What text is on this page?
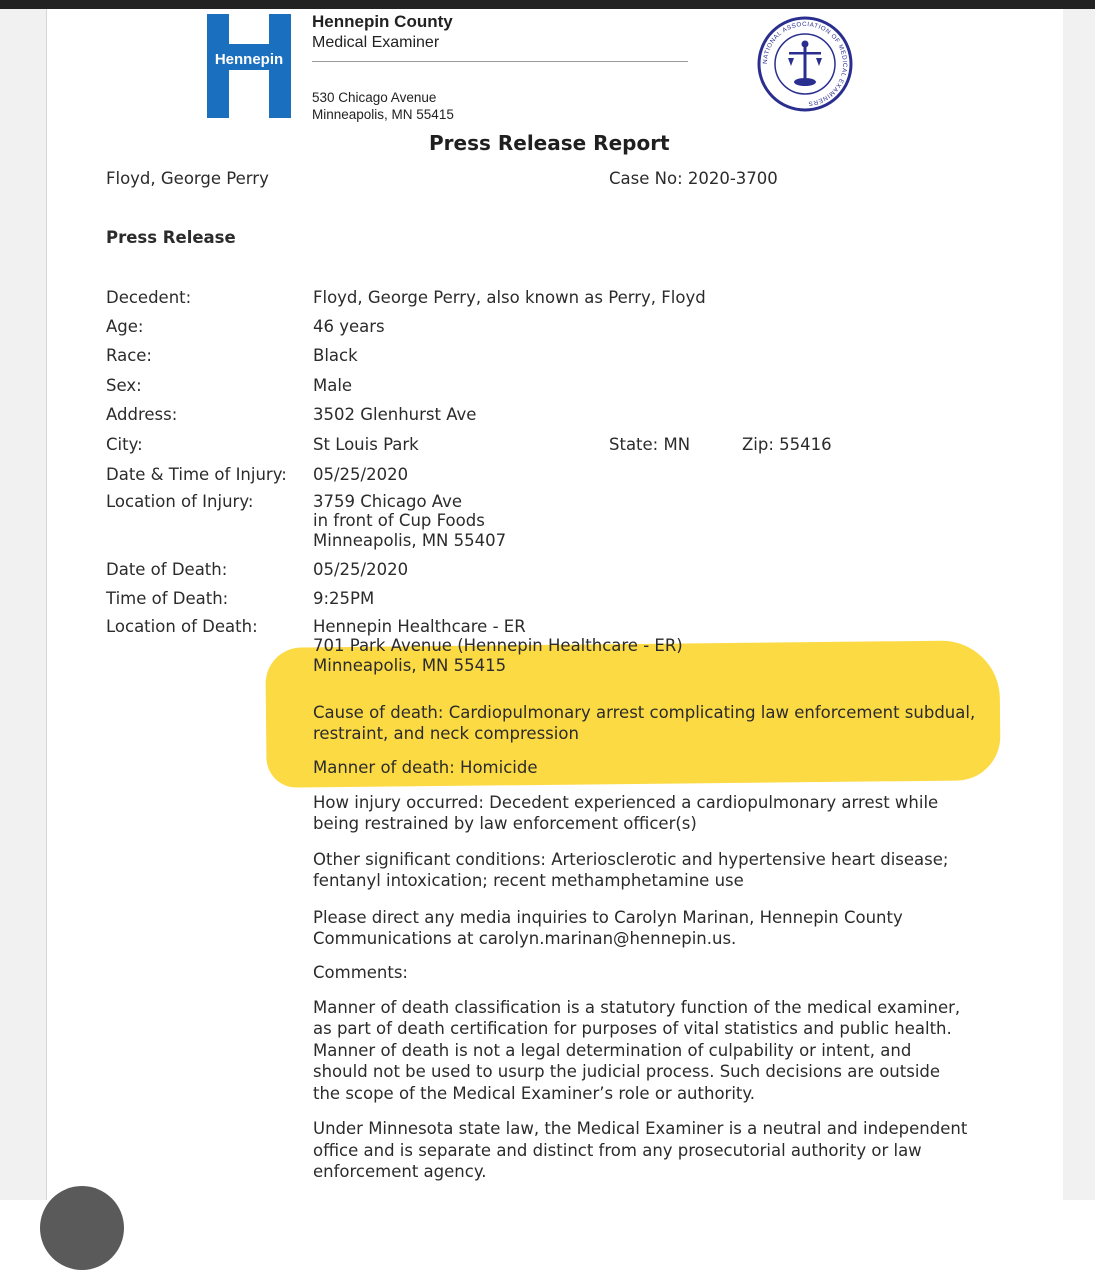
Hennepin
Hennepin County
Medical Examiner
530 Chicago Avenue
Minneapolis, MN 55415
NATIONAL ASSOCIATION OF MEDICAL EXAMINERS
Press Release Report
Floyd, George Perry	Case No: 2020-3700
Press Release
Decedent:	Floyd, George Perry, also known as Perry, Floyd
Age:	46 years
Race:	Black
Sex:	Male
Address:	3502 Glenhurst Ave
City:	St Louis Park	State: MN	Zip: 55416
Date & Time of Injury: 05/25/2020
Location of Injury:	3759 Chicago Ave
in front of Cup Foods
Minneapolis, MN 55407
Date of Death:	05/25/2020
Time of Death:	9:25PM
Location of Death:	Hennepin Healthcare - ER
701 Park Avenue (Hennepin Healthcare - ER)
Minneapolis, MN 55415
Cause of death: Cardiopulmonary arrest complicating law enforcement subdual,
restraint, and neck compression
Manner of death: Homicide
How injury occurred: Decedent experienced a cardiopulmonary arrest while
being restrained by law enforcement officer(s)
Other significant conditions: Arteriosclerotic and hypertensive heart disease;
fentanyl intoxication; recent methamphetamine use
Please direct any media inquiries to Carolyn Marinan, Hennepin County
Communications at carolyn.marinan@hennepin.us.
Comments:
Manner of death classification is a statutory function of the medical examiner,
as part of death certification for purposes of vital statistics and public health.
Manner of death is not a legal determination of culpability or intent, and
should not be used to usurp the judicial process. Such decisions are outside
the scope of the Medical Examiner’s role or authority.
Under Minnesota state law, the Medical Examiner is a neutral and independent
office and is separate and distinct from any prosecutorial authority or law
enforcement agency.
